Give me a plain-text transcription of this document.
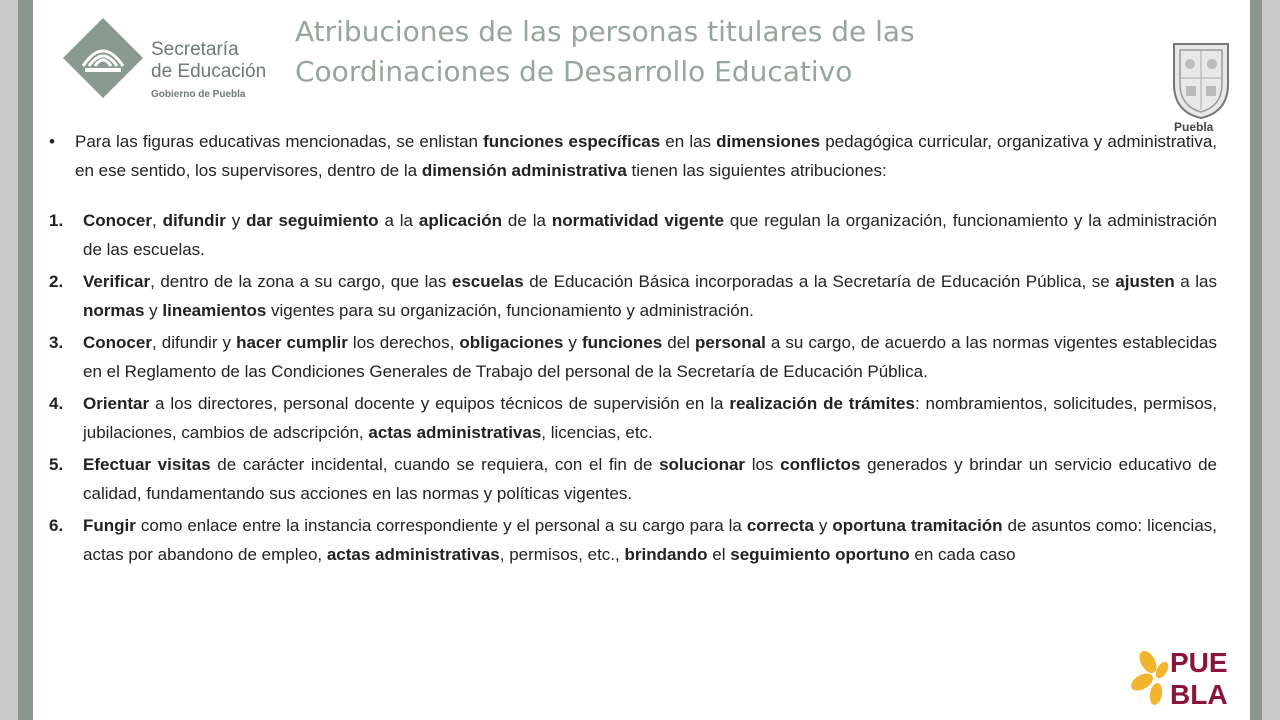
Secretaría
de Educación
Gobierno de Puebla
Atribuciones de las personas titulares de las
Coordinaciones de Desarrollo Educativo
Puebla
• Para las figuras educativas mencionadas, se enlistan funciones específicas en las dimensiones pedagógica curricular, organizativa y administrativa, en ese sentido, los supervisores, dentro de la dimensión administrativa tienen las siguientes atribuciones:
1. Conocer, difundir y dar seguimiento a la aplicación de la normatividad vigente que regulan la organización, funcionamiento y la administración de las escuelas.
2. Verificar, dentro de la zona a su cargo, que las escuelas de Educación Básica incorporadas a la Secretaría de Educación Pública, se ajusten a las normas y lineamientos vigentes para su organización, funcionamiento y administración.
3. Conocer, difundir y hacer cumplir los derechos, obligaciones y funciones del personal a su cargo, de acuerdo a las normas vigentes establecidas en el Reglamento de las Condiciones Generales de Trabajo del personal de la Secretaría de Educación Pública.
4. Orientar a los directores, personal docente y equipos técnicos de supervisión en la realización de trámites: nombramientos, solicitudes, permisos, jubilaciones, cambios de adscripción, actas administrativas, licencias, etc.
5. Efectuar visitas de carácter incidental, cuando se requiera, con el fin de solucionar los conflictos generados y brindar un servicio educativo de calidad, fundamentando sus acciones en las normas y políticas vigentes.
6. Fungir como enlace entre la instancia correspondiente y el personal a su cargo para la correcta y oportuna tramitación de asuntos como: licencias, actas por abandono de empleo, actas administrativas, permisos, etc., brindando el seguimiento oportuno en cada caso
PUE
BLA
